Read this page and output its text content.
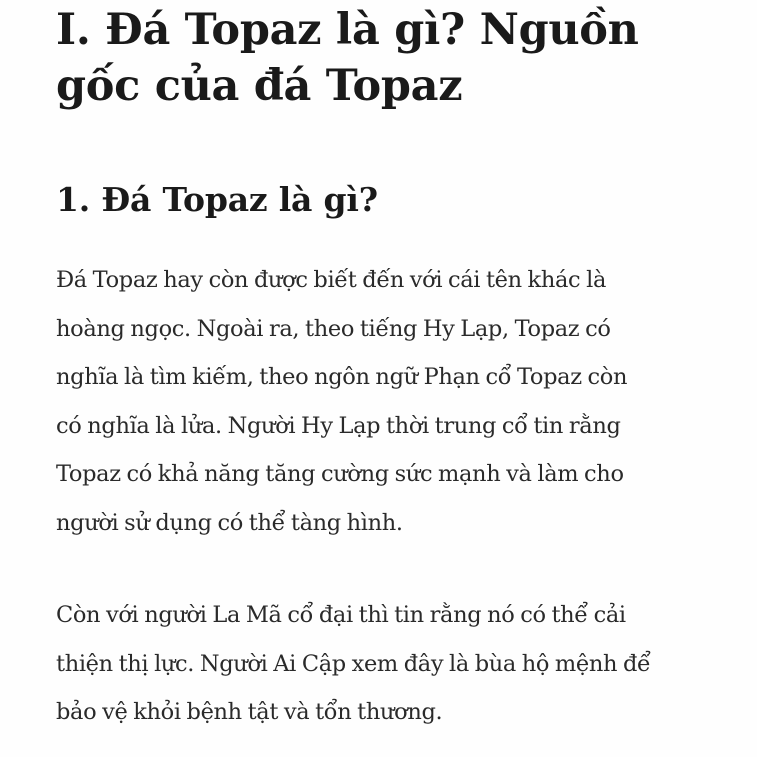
I. Đá Topaz là gì? Nguồn
gốc của đá Topaz
1. Đá Topaz là gì?

Đá Topaz hay còn được biết đến với cái tên khác là
hoàng ngọc. Ngoài ra, theo tiếng Hy Lạp, Topaz có
nghĩa là tìm kiếm, theo ngôn ngữ Phạn cổ Topaz còn
có nghĩa là lửa. Người Hy Lạp thời trung cổ tin rằng
Topaz có khả năng tăng cường sức mạnh và làm cho
người sử dụng có thể tàng hình.

Còn với người La Mã cổ đại thì tin rằng nó có thể cải
thiện thị lực. Người Ai Cập xem đây là bùa hộ mệnh để
bảo vệ khỏi bệnh tật và tổn thương.
